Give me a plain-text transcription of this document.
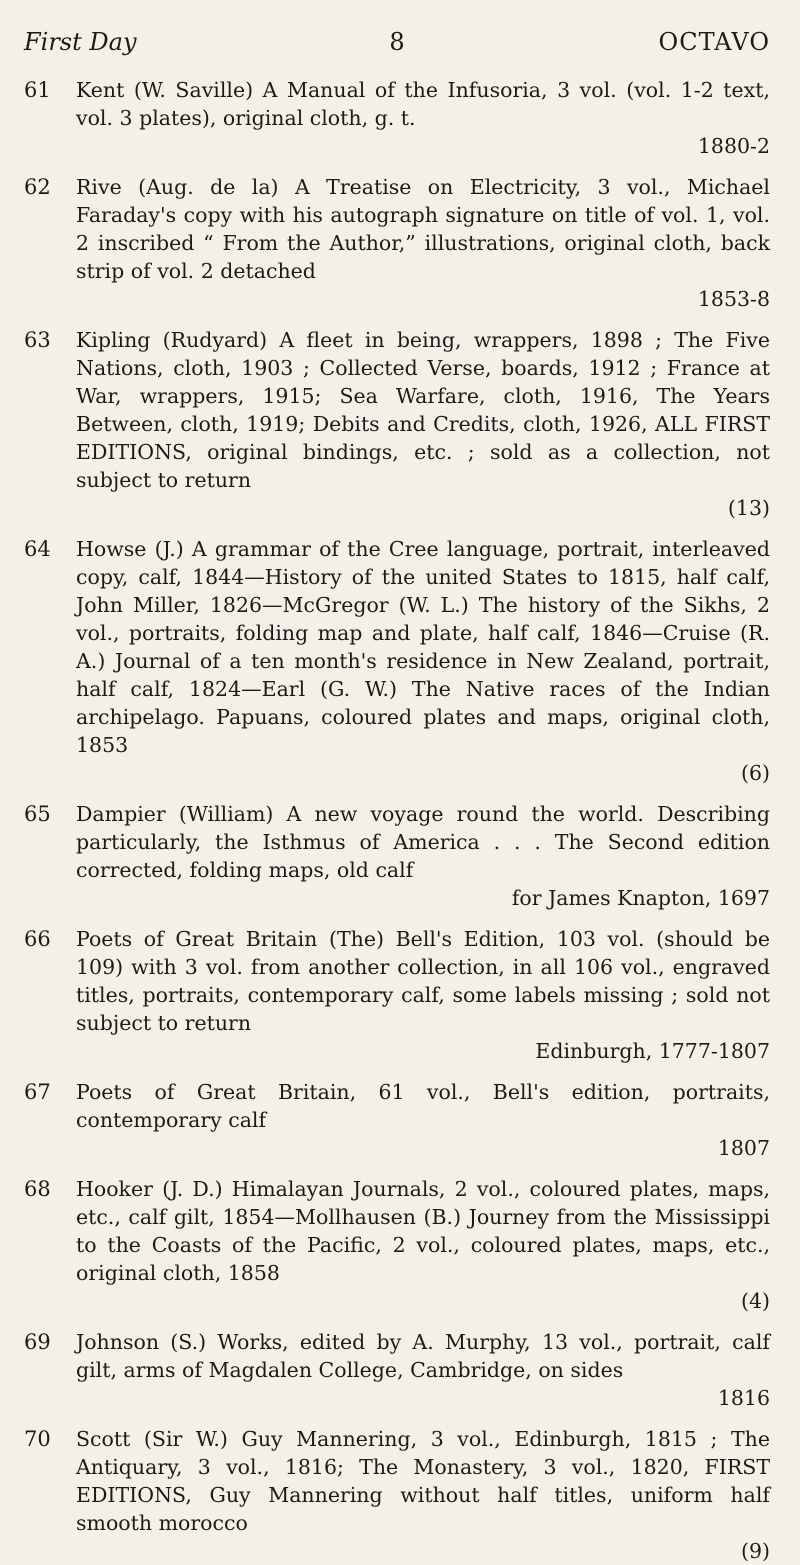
First Day	8	OCTAVO
61	Kent (W. Saville) A Manual of the Infusoria, 3 vol. (vol. 1-2 text, vol. 3 plates), original cloth, g. t.
1880-2
62	Rive (Aug. de la) A Treatise on Electricity, 3 vol., Michael Faraday's copy with his autograph signature on title of vol. 1, vol. 2 inscribed “ From the Author,” illustrations, original cloth, back strip of vol. 2 detached
1853-8
63	Kipling (Rudyard) A fleet in being, wrappers, 1898 ; The Five Nations, cloth, 1903 ; Collected Verse, boards, 1912 ; France at War, wrappers, 1915; Sea Warfare, cloth, 1916, The Years Between, cloth, 1919; Debits and Credits, cloth, 1926, ALL FIRST EDITIONS, original bindings, etc. ; sold as a collection, not subject to return
(13)
64	Howse (J.) A grammar of the Cree language, portrait, interleaved copy, calf, 1844—History of the united States to 1815, half calf, John Miller, 1826—McGregor (W. L.) The history of the Sikhs, 2 vol., portraits, folding map and plate, half calf, 1846—Cruise (R. A.) Journal of a ten month's residence in New Zealand, portrait, half calf, 1824—Earl (G. W.) The Native races of the Indian archipelago. Papuans, coloured plates and maps, original cloth, 1853
(6)
65	Dampier (William) A new voyage round the world. Describing particularly, the Isthmus of America . . . The Second edition corrected, folding maps, old calf
for James Knapton, 1697
66	Poets of Great Britain (The) Bell's Edition, 103 vol. (should be 109) with 3 vol. from another collection, in all 106 vol., engraved titles, portraits, contemporary calf, some labels missing ; sold not subject to return
Edinburgh, 1777-1807
67	Poets of Great Britain, 61 vol., Bell's edition, portraits, contemporary calf
1807
68	Hooker (J. D.) Himalayan Journals, 2 vol., coloured plates, maps, etc., calf gilt, 1854—Mollhausen (B.) Journey from the Mississippi to the Coasts of the Pacific, 2 vol., coloured plates, maps, etc., original cloth, 1858
(4)
69	Johnson (S.) Works, edited by A. Murphy, 13 vol., portrait, calf gilt, arms of Magdalen College, Cambridge, on sides
1816
70	Scott (Sir W.) Guy Mannering, 3 vol., Edinburgh, 1815 ; The Antiquary, 3 vol., 1816; The Monastery, 3 vol., 1820, FIRST EDITIONS, Guy Mannering without half titles, uniform half smooth morocco
(9)
